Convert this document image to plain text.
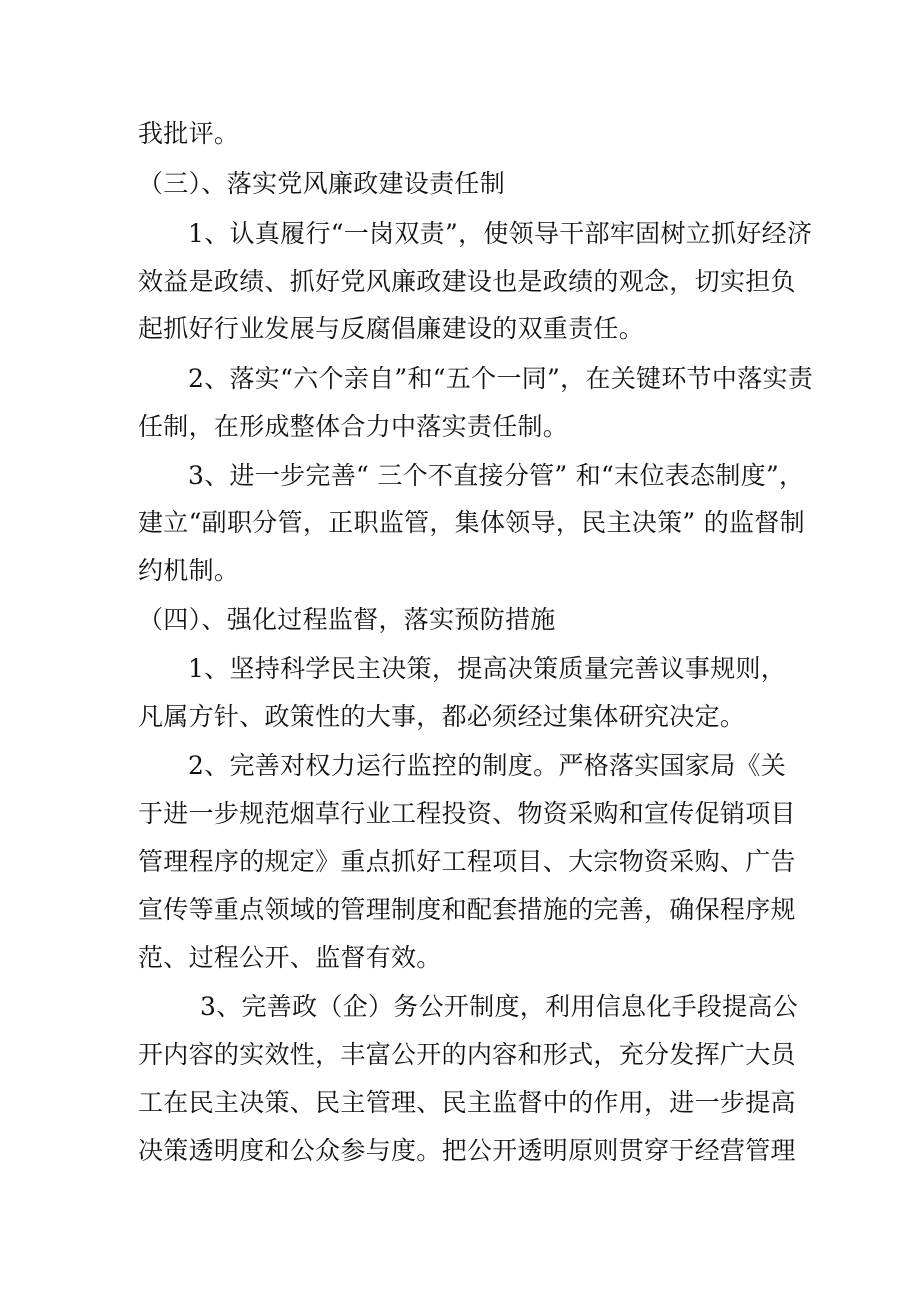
我批评。
（三）、落实党风廉政建设责任制
1、认真履行“一岗双责”，使领导干部牢固树立抓好经济
效益是政绩、抓好党风廉政建设也是政绩的观念，切实担负
起抓好行业发展与反腐倡廉建设的双重责任。
2、落实“六个亲自”和“五个一同”，在关键环节中落实责
任制，在形成整体合力中落实责任制。
3、进一步完善“ 三个不直接分管” 和“末位表态制度”，
建立“副职分管，正职监管，集体领导，民主决策” 的监督制
约机制。
（四）、强化过程监督，落实预防措施
1、坚持科学民主决策，提高决策质量完善议事规则，
凡属方针、政策性的大事，都必须经过集体研究决定。
2、完善对权力运行监控的制度。严格落实国家局《关
于进一步规范烟草行业工程投资、物资采购和宣传促销项目
管理程序的规定》重点抓好工程项目、大宗物资采购、广告
宣传等重点领域的管理制度和配套措施的完善，确保程序规
范、过程公开、监督有效。
3、完善政（企）务公开制度，利用信息化手段提高公
开内容的实效性，丰富公开的内容和形式，充分发挥广大员
工在民主决策、民主管理、民主监督中的作用，进一步提高
决策透明度和公众参与度。把公开透明原则贯穿于经营管理
